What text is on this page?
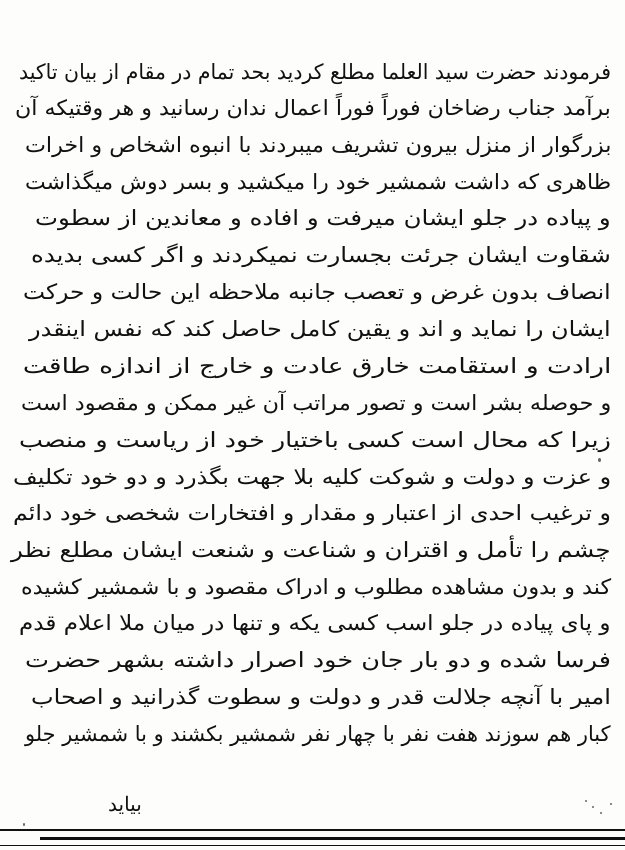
فرمودند حضرت سید العلما مطلع کردید بحد تمام در مقام از بیان تاکید
برآمد جناب رضاخان فوراً فوراً اعمال ندان رسانید و هر وقتیکه آن
بزرگوار از منزل بیرون تشریف میبردند با انبوه اشخاص و اخرات
ظاهری که داشت شمشیر خود را میکشید و بسر دوش میگذاشت
و پیاده در جلو ایشان میرفت و افاده و معاندین از سطوت
شقاوت ایشان جرئت بجسارت نمیکردند و اگر کسی بدیده
انصاف بدون غرض و تعصب جانبه ملاحظه این حالت و حرکت
ایشان را نماید و اند و یقین کامل حاصل کند که نفس اینقدر
ارادت و استقامت خارق عادت و خارج از اندازه طاقت
و حوصله بشر است و تصور مراتب آن غیر ممکن و مقصود است
زیرا که محال است کسی باختیار خود از ریاست و منصب
و عزت و دولت و شوکت کلیه بلا جهت بگذرد و دو خود تکلیف
و ترغیب احدی از اعتبار و مقدار و افتخارات شخصی خود دائم
چشم را تأمل و اقتران و شناعت و شنعت ایشان مطلع نظر
کند و بدون مشاهده مطلوب و ادراک مقصود و با شمشیر کشیده
و پای پیاده در جلو اسب کسی یکه و تنها در میان ملا اعلام قدم
فرسا شده و دو بار جان خود اصرار داشته بشهر حضرت
امیر با آنچه جلالت قدر و دولت و سطوت گذرانید و اصحاب
کبار هم سوزند هفت نفر با چهار نفر شمشیر بکشند و با شمشیر جلو
بیاید
